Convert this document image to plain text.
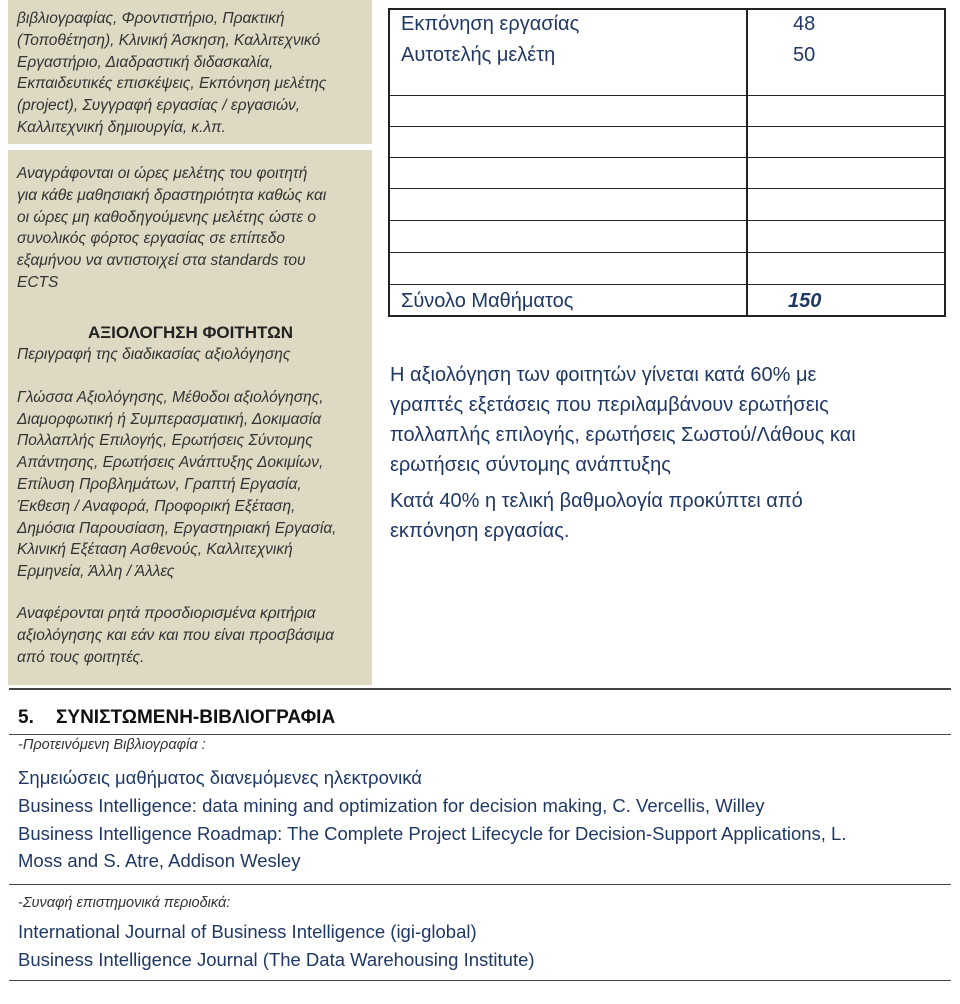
βιβλιογραφίας, Φροντιστήριο, Πρακτική

(Τοποθέτηση), Κλινική Άσκηση, Καλλιτεχνικό

Εργαστήριο, Διαδραστική διδασκαλία,

Εκπαιδευτικές επισκέψεις, Εκπόνηση μελέτης

(project), Συγγραφή εργασίας / εργασιών,

Καλλιτεχνική δημιουργία, κ.λπ.

Αναγράφονται οι ώρες μελέτης του φοιτητή

για κάθε μαθησιακή δραστηριότητα καθώς και

οι ώρες μη καθοδηγούμενης μελέτης ώστε ο

συνολικός φόρτος εργασίας σε επίπεδο

εξαμήνου να αντιστοιχεί στα standards του

ECTS

ΑΞΙΟΛΟΓΗΣΗ ΦΟΙΤΗΤΩΝ

Περιγραφή της διαδικασίας αξιολόγησης

Γλώσσα Αξιολόγησης, Μέθοδοι αξιολόγησης,

Διαμορφωτική ή Συμπερασματική, Δοκιμασία

Πολλαπλής Επιλογής, Ερωτήσεις Σύντομης

Απάντησης, Ερωτήσεις Ανάπτυξης Δοκιμίων,

Επίλυση Προβλημάτων, Γραπτή Εργασία,

Έκθεση / Αναφορά, Προφορική Εξέταση,

Δημόσια Παρουσίαση, Εργαστηριακή Εργασία,

Κλινική Εξέταση Ασθενούς, Καλλιτεχνική

Ερμηνεία, Άλλη / Άλλες

Αναφέρονται ρητά προσδιορισμένα κριτήρια

αξιολόγησης και εάν και που είναι προσβάσιμα

από τους φοιτητές.

Εκπόνηση εργασίας	48
Αυτοτελής μελέτη	50
Σύνολο Μαθήματος	150

Η αξιολόγηση των φοιτητών γίνεται κατά 60% με

γραπτές εξετάσεις που περιλαμβάνουν ερωτήσεις

πολλαπλής επιλογής, ερωτήσεις Σωστού/Λάθους και

ερωτήσεις σύντομης ανάπτυξης

Κατά 40% η τελική βαθμολογία προκύπτει από

εκπόνηση εργασίας.

5. ΣΥΝΙΣΤΩΜΕΝΗ-ΒΙΒΛΙΟΓΡΑΦΙΑ

-Προτεινόμενη Βιβλιογραφία :

Σημειώσεις μαθήματος διανεμόμενες ηλεκτρονικά

Business Intelligence: data mining and optimization for decision making, C. Vercellis, Willey

Business Intelligence Roadmap: The Complete Project Lifecycle for Decision-Support Applications, L.

Moss and S. Atre, Addison Wesley

-Συναφή επιστημονικά περιοδικά:

International Journal of Business Intelligence (igi-global)

Business Intelligence Journal (The Data Warehousing Institute)
